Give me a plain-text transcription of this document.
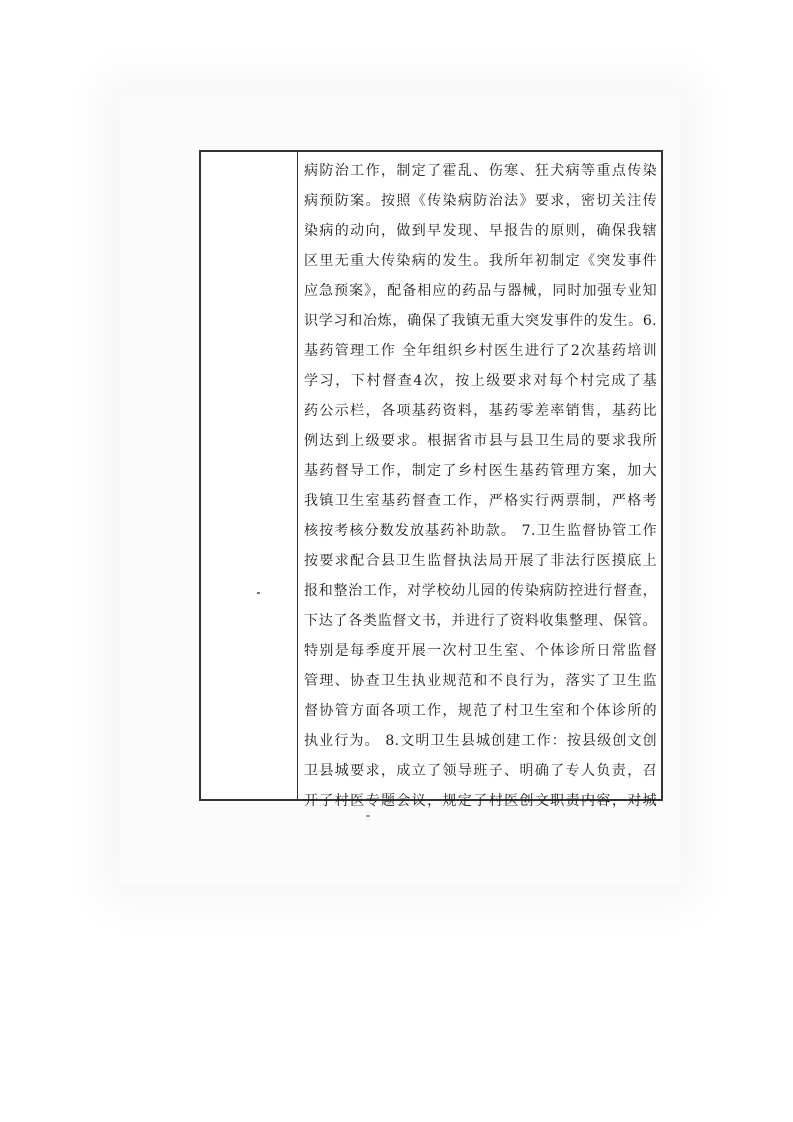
病防治工作，制定了霍乱、伤寒、狂犬病等重点传染
病预防案。按照《传染病防治法》要求，密切关注传
染病的动向，做到早发现、早报告的原则，确保我辖
区里无重大传染病的发生。我所年初制定《突发事件
应急预案》，配备相应的药品与器械，同时加强专业知
识学习和冶炼，确保了我镇无重大突发事件的发生。6.
基药管理工作 全年组织乡村医生进行了2次基药培训
学习，下村督查4次，按上级要求对每个村完成了基
药公示栏，各项基药资料，基药零差率销售，基药比
例达到上级要求。根据省市县与县卫生局的要求我所
基药督导工作，制定了乡村医生基药管理方案，加大
我镇卫生室基药督查工作，严格实行两票制，严格考
核按考核分数发放基药补助款。 7.卫生监督协管工作
按要求配合县卫生监督执法局开展了非法行医摸底上
报和整治工作，对学校幼儿园的传染病防控进行督查，
下达了各类监督文书，并进行了资料收集整理、保管。
特别是每季度开展一次村卫生室、个体诊所日常监督
管理、协查卫生执业规范和不良行为，落实了卫生监
督协管方面各项工作，规范了村卫生室和个体诊所的
执业行为。 8.文明卫生县城创建工作：按县级创文创
卫县城要求，成立了领导班子、明确了专人负责，召
开了村医专题会议，规定了村医创文职责内容，对城
